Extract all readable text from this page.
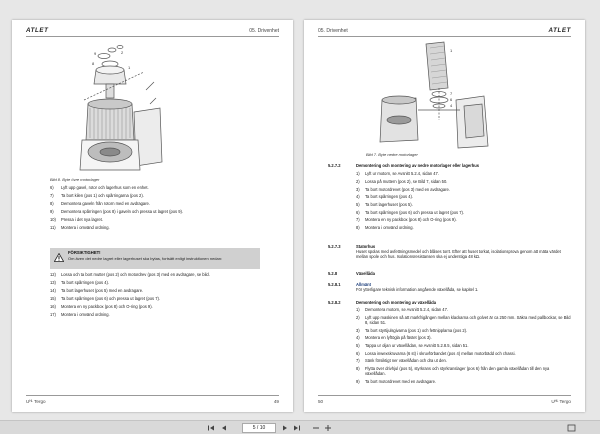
ATLET	05. Drivenhet
1
2
9
8
Bild 8. Byte övre motorlager
6) Lyft upp gavel, rotor och lagerhus som en enhet.
7) Ta bort kilen (pos 1) och spårringarna (pos 2).
8) Demontera gaveln från rotorn med en avdragare.
9) Demontera spårringen (pos 8) i gaveln och pressa ut lagret (pos 9).
10) Pressa i det nya lagret.
11) Montera i omvänd ordning.
FÖRSIKTIGHET!
Om även det nedre lagret eller lagerhuset ska bytas, fortsätt enligt instruktionen nedan:
12) Lossa och ta bort mutter (pos 2) och motordrev (pos 3) med en avdragare, se bild.
13) Ta bort spårringen (pos 4).
14) Ta bort lagerhuset (pos 5) med en avdragare.
15) Ta bort spårringen (pos 6) och pressa ut lagret (pos 7).
16) Montera en ny packbox (pos 8) och O-ring (pos 9).
17) Montera i omvänd ordning.
Uᴴᴸ Tergo	49
05. Drivenhet	ATLET
1
7
6
4
Bild 7. Byte nedre motorlager
5.2.7.2	Demontering och montering av nedre motorlager eller lagerhus
1) Lyft ur motorn, se Avsnitt 5.2.4, sidan 47.
2) Lossa på muttern (pos 2), se Bild 7, sidan 50.
3) Ta bort motordrevet (pos 3) med en avdragare.
4) Ta bort spårringen (pos 4).
5) Ta bort lagerhuset (pos 5).
6) Ta bort spårringen (pos 6) och pressa ut lagret (pos 7).
7) Montera en ny packbox (pos 8) och O-ring (pos 9).
8) Montera i omvänd ordning.
5.2.7.3	Statorhus
Huset spolas med avfettningsmedel och blåses torrt. Efter att huset torkat, isolationsprova genom att mäta värdet mellan spole och hus. Isolationsresistansen ska ej understiga 48 kΩ.
5.2.8	Växellåda
5.2.8.1	Allmänt
För ytterligare teknisk information angående växellåda, se kapitel 1.
5.2.8.2	Demontering och montering av växellåda
1) Demontera motorn, se Avsnitt 5.2.4, sidan 47.
2) Lyft upp maskinen så att markfrigången mellan klackarna och golvet är ca 250 mm. Säkra med pallbockar, se Bild 8, sidan 51.
3) Ta bort styrtijulsgivarna (pos 1) och fettnipplarna (pos 2).
4) Montera en lyftögla på fästet (pos 3).
5) Tappa ur oljan ur växellådan, se Avsnitt 5.2.8.5, sidan 51.
6) Lossa inwexskruvarna (6 st) i skruvförbandet (pos 4) mellan motorbädd och chassi.
7) Sänk försiktigt ner växellådan och dra ut den.
8) Flytta över drivhjul (pos 5), styrkrans och styrkranslager (pos 6) från den gamla växellådan till den nya växellådan.
9) Ta bort motordrevet med en avdragare.
50	Uᴴᴸ Tergo
5 / 10
